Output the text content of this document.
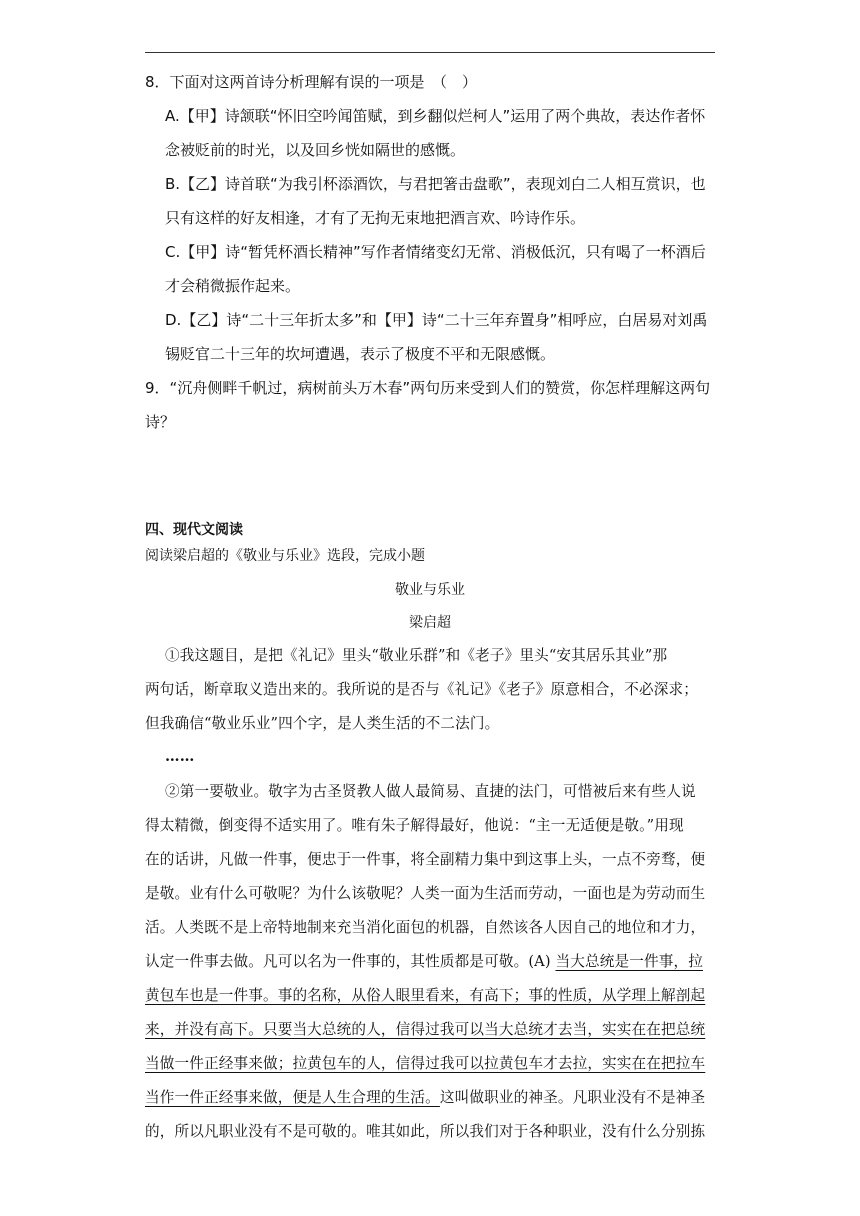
8．下面对这两首诗分析理解有误的一项是　（　）
A.【甲】诗颔联“怀旧空吟闻笛赋，到乡翻似烂柯人”运用了两个典故，表达作者怀
念被贬前的时光，以及回乡恍如隔世的感慨。
B.【乙】诗首联“为我引杯添酒饮，与君把箸击盘歌”，表现刘白二人相互赏识，也
只有这样的好友相逢，才有了无拘无束地把酒言欢、吟诗作乐。
C.【甲】诗“暂凭杯酒长精神”写作者情绪变幻无常、消极低沉，只有喝了一杯酒后
才会稍微振作起来。
D.【乙】诗“二十三年折太多”和【甲】诗“二十三年弃置身”相呼应，白居易对刘禹
锡贬官二十三年的坎坷遭遇，表示了极度不平和无限感慨。
9．“沉舟侧畔千帆过，病树前头万木春”两句历来受到人们的赞赏，你怎样理解这两句
诗？
四、现代文阅读
阅读梁启超的《敬业与乐业》选段，完成小题
敬业与乐业
梁启超
①我这题目，是把《礼记》里头“敬业乐群”和《老子》里头“安其居乐其业”那
两句话，断章取义造出来的。我所说的是否与《礼记》《老子》原意相合，不必深求；
但我确信“敬业乐业”四个字，是人类生活的不二法门。
……
②第一要敬业。敬字为古圣贤教人做人最简易、直捷的法门，可惜被后来有些人说
得太精微，倒变得不适实用了。唯有朱子解得最好，他说：“主一无适便是敬。”用现
在的话讲，凡做一件事，便忠于一件事，将全副精力集中到这事上头，一点不旁骛，便
是敬。业有什么可敬呢？为什么该敬呢？人类一面为生活而劳动，一面也是为劳动而生
活。人类既不是上帝特地制来充当消化面包的机器，自然该各人因自己的地位和才力，
认定一件事去做。凡可以名为一件事的，其性质都是可敬。(A) 当大总统是一件事，拉
黄包车也是一件事。事的名称，从俗人眼里看来，有高下；事的性质，从学理上解剖起
来，并没有高下。只要当大总统的人，信得过我可以当大总统才去当，实实在在把总统
当做一件正经事来做；拉黄包车的人，信得过我可以拉黄包车才去拉，实实在在把拉车
当作一件正经事来做，便是人生合理的生活。这叫做职业的神圣。凡职业没有不是神圣
的，所以凡职业没有不是可敬的。唯其如此，所以我们对于各种职业，没有什么分别拣
